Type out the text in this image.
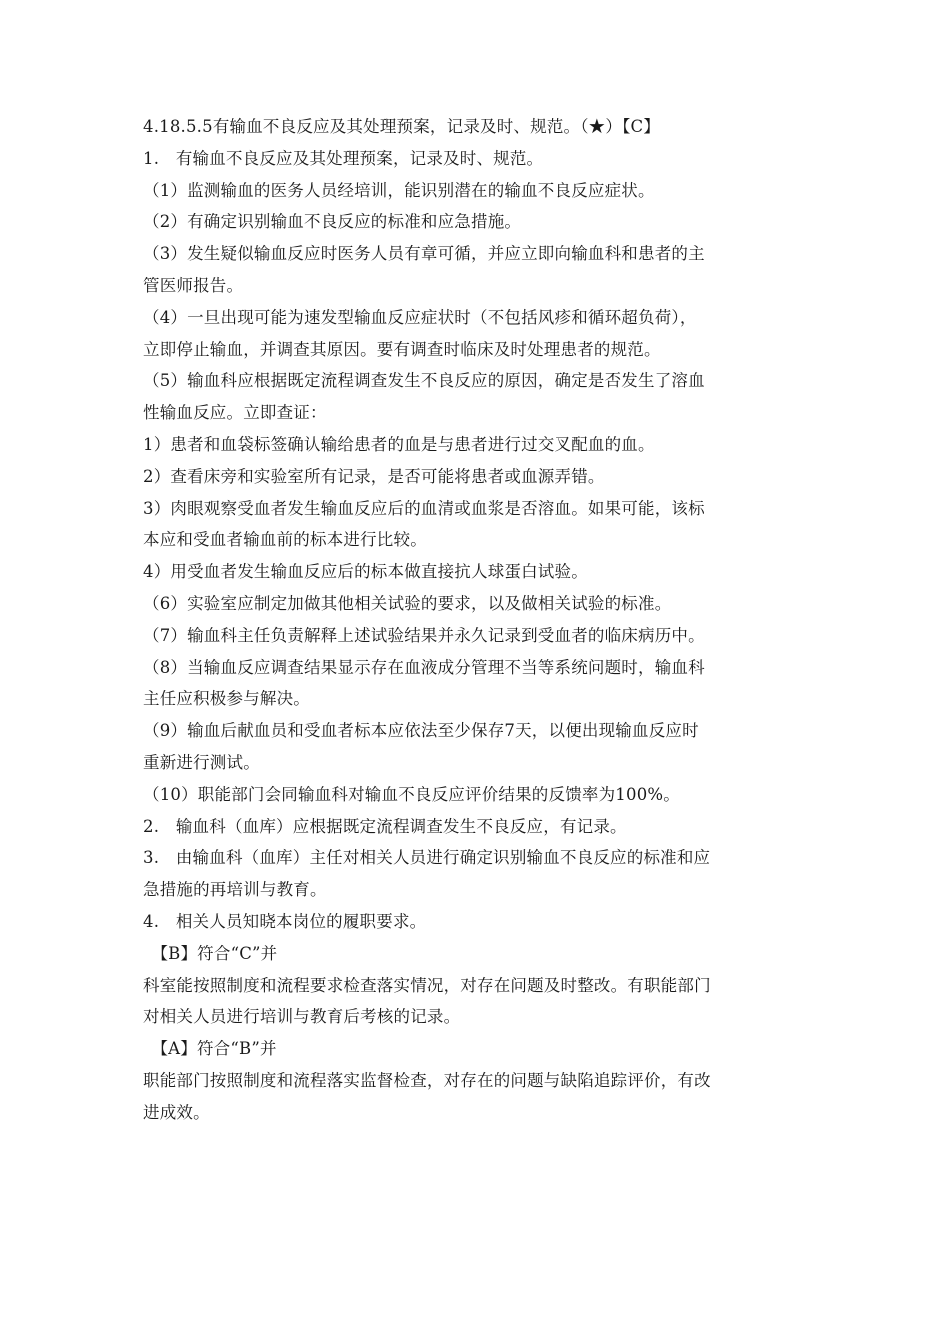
4.18.5.5有输血不良反应及其处理预案，记录及时、规范。（★）【C】
1.　有输血不良反应及其处理预案，记录及时、规范。
（1）监测输血的医务人员经培训，能识别潜在的输血不良反应症状。
（2）有确定识别输血不良反应的标准和应急措施。
（3）发生疑似输血反应时医务人员有章可循，并应立即向输血科和患者的主
管医师报告。
（4）一旦出现可能为速发型输血反应症状时（不包括风疹和循环超负荷），
立即停止输血，并调查其原因。要有调查时临床及时处理患者的规范。
（5）输血科应根据既定流程调查发生不良反应的原因，确定是否发生了溶血
性输血反应。立即查证：
1）患者和血袋标签确认输给患者的血是与患者进行过交叉配血的血。
2）查看床旁和实验室所有记录，是否可能将患者或血源弄错。
3）肉眼观察受血者发生输血反应后的血清或血浆是否溶血。如果可能，该标
本应和受血者输血前的标本进行比较。
4）用受血者发生输血反应后的标本做直接抗人球蛋白试验。
（6）实验室应制定加做其他相关试验的要求，以及做相关试验的标准。
（7）输血科主任负责解释上述试验结果并永久记录到受血者的临床病历中。
（8）当输血反应调查结果显示存在血液成分管理不当等系统问题时，输血科
主任应积极参与解决。
（9）输血后献血员和受血者标本应依法至少保存7天，以便出现输血反应时
重新进行测试。
（10）职能部门会同输血科对输血不良反应评价结果的反馈率为100%。
2.　输血科（血库）应根据既定流程调查发生不良反应，有记录。
3.　由输血科（血库）主任对相关人员进行确定识别输血不良反应的标准和应
急措施的再培训与教育。
4.　相关人员知晓本岗位的履职要求。
　【B】符合“C”并
科室能按照制度和流程要求检查落实情况，对存在问题及时整改。有职能部门
对相关人员进行培训与教育后考核的记录。
　【A】符合“B”并
职能部门按照制度和流程落实监督检查，对存在的问题与缺陷追踪评价，有改
进成效。
